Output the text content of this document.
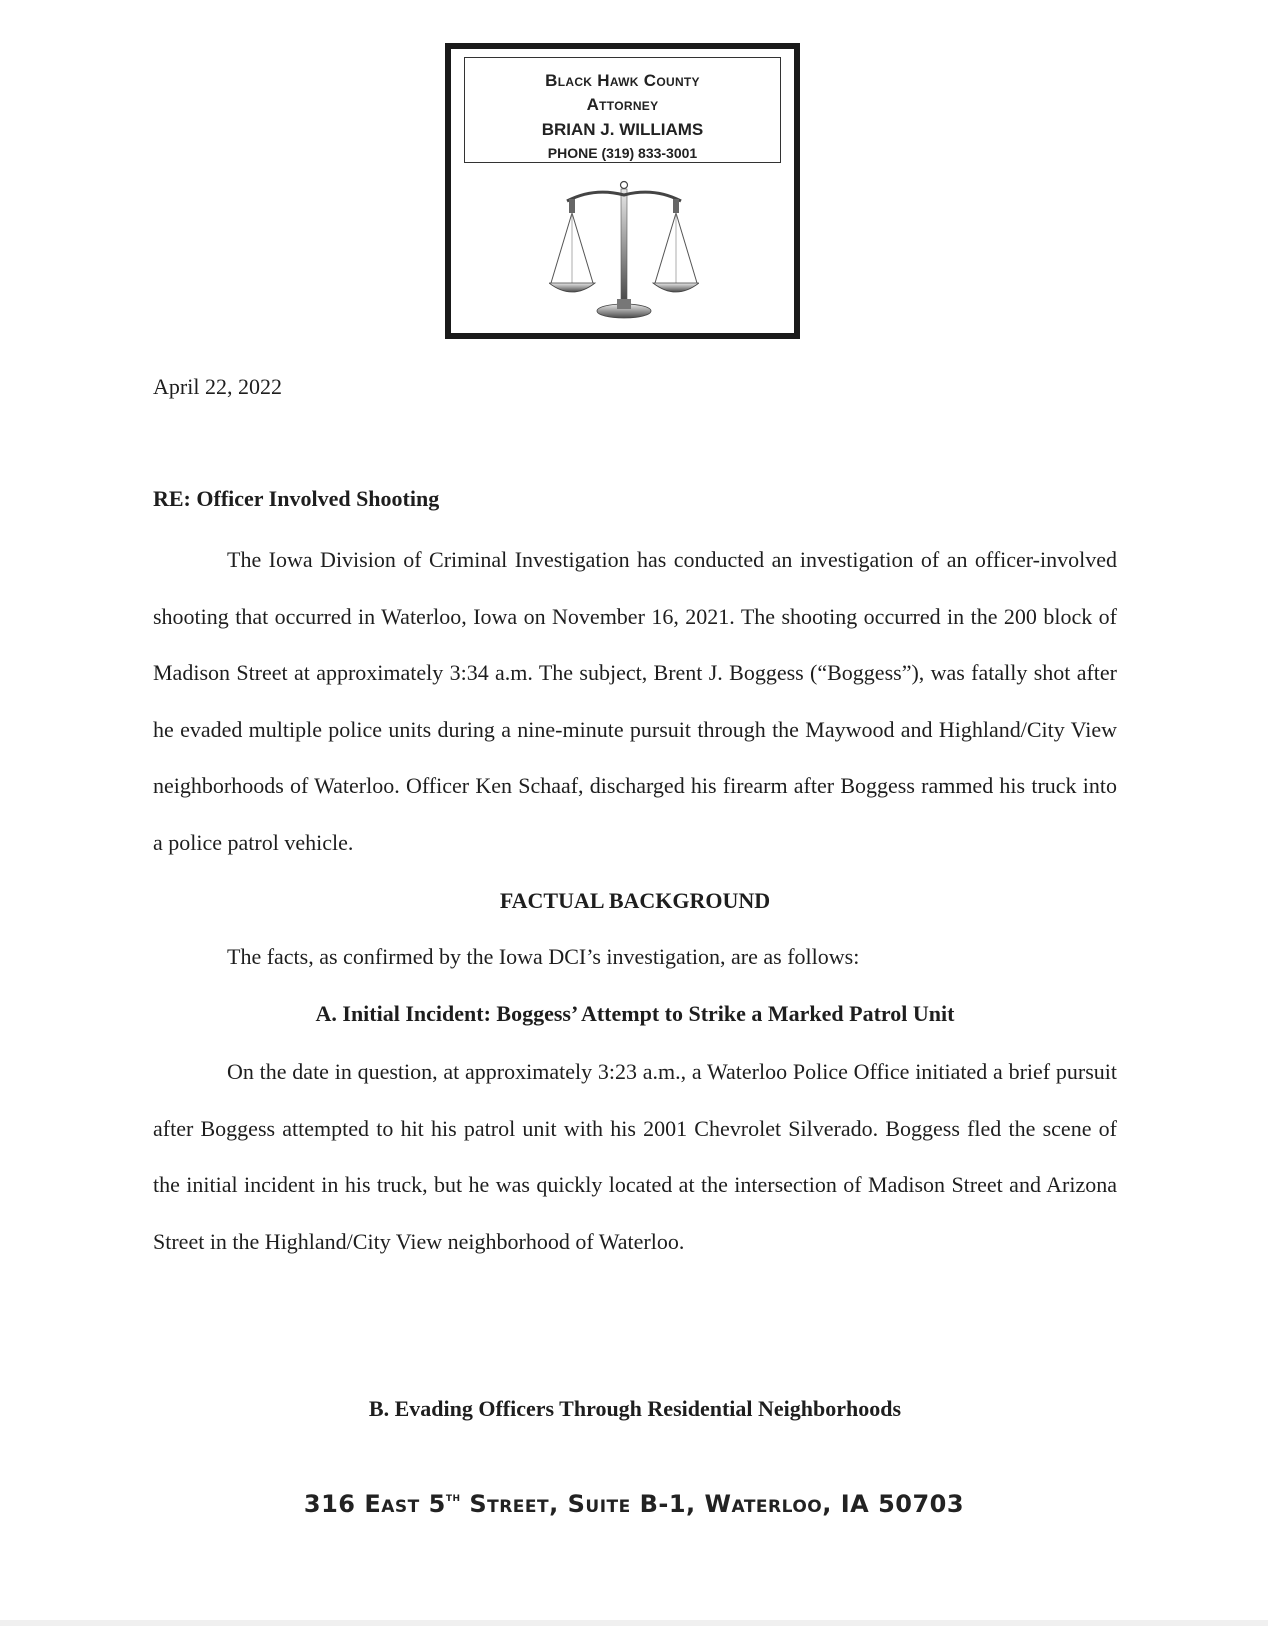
Black Hawk County
Attorney
BRIAN J. WILLIAMS
PHONE (319) 833-3001
April 22, 2022
RE: Officer Involved Shooting

The Iowa Division of Criminal Investigation has conducted an investigation of an officer-involved shooting that occurred in Waterloo, Iowa on November 16, 2021. The shooting occurred in the 200 block of Madison Street at approximately 3:34 a.m. The subject, Brent J. Boggess (“Boggess”), was fatally shot after he evaded multiple police units during a nine-minute pursuit through the Maywood and Highland/City View neighborhoods of Waterloo. Officer Ken Schaaf, discharged his firearm after Boggess rammed his truck into a police patrol vehicle.

FACTUAL BACKGROUND
The facts, as confirmed by the Iowa DCI’s investigation, are as follows:
A. Initial Incident: Boggess’ Attempt to Strike a Marked Patrol Unit

On the date in question, at approximately 3:23 a.m., a Waterloo Police Office initiated a brief pursuit after Boggess attempted to hit his patrol unit with his 2001 Chevrolet Silverado. Boggess fled the scene of the initial incident in his truck, but he was quickly located at the intersection of Madison Street and Arizona Street in the Highland/City View neighborhood of Waterloo.

B. Evading Officers Through Residential Neighborhoods
316 East 5th Street, Suite B-1, Waterloo, IA 50703
